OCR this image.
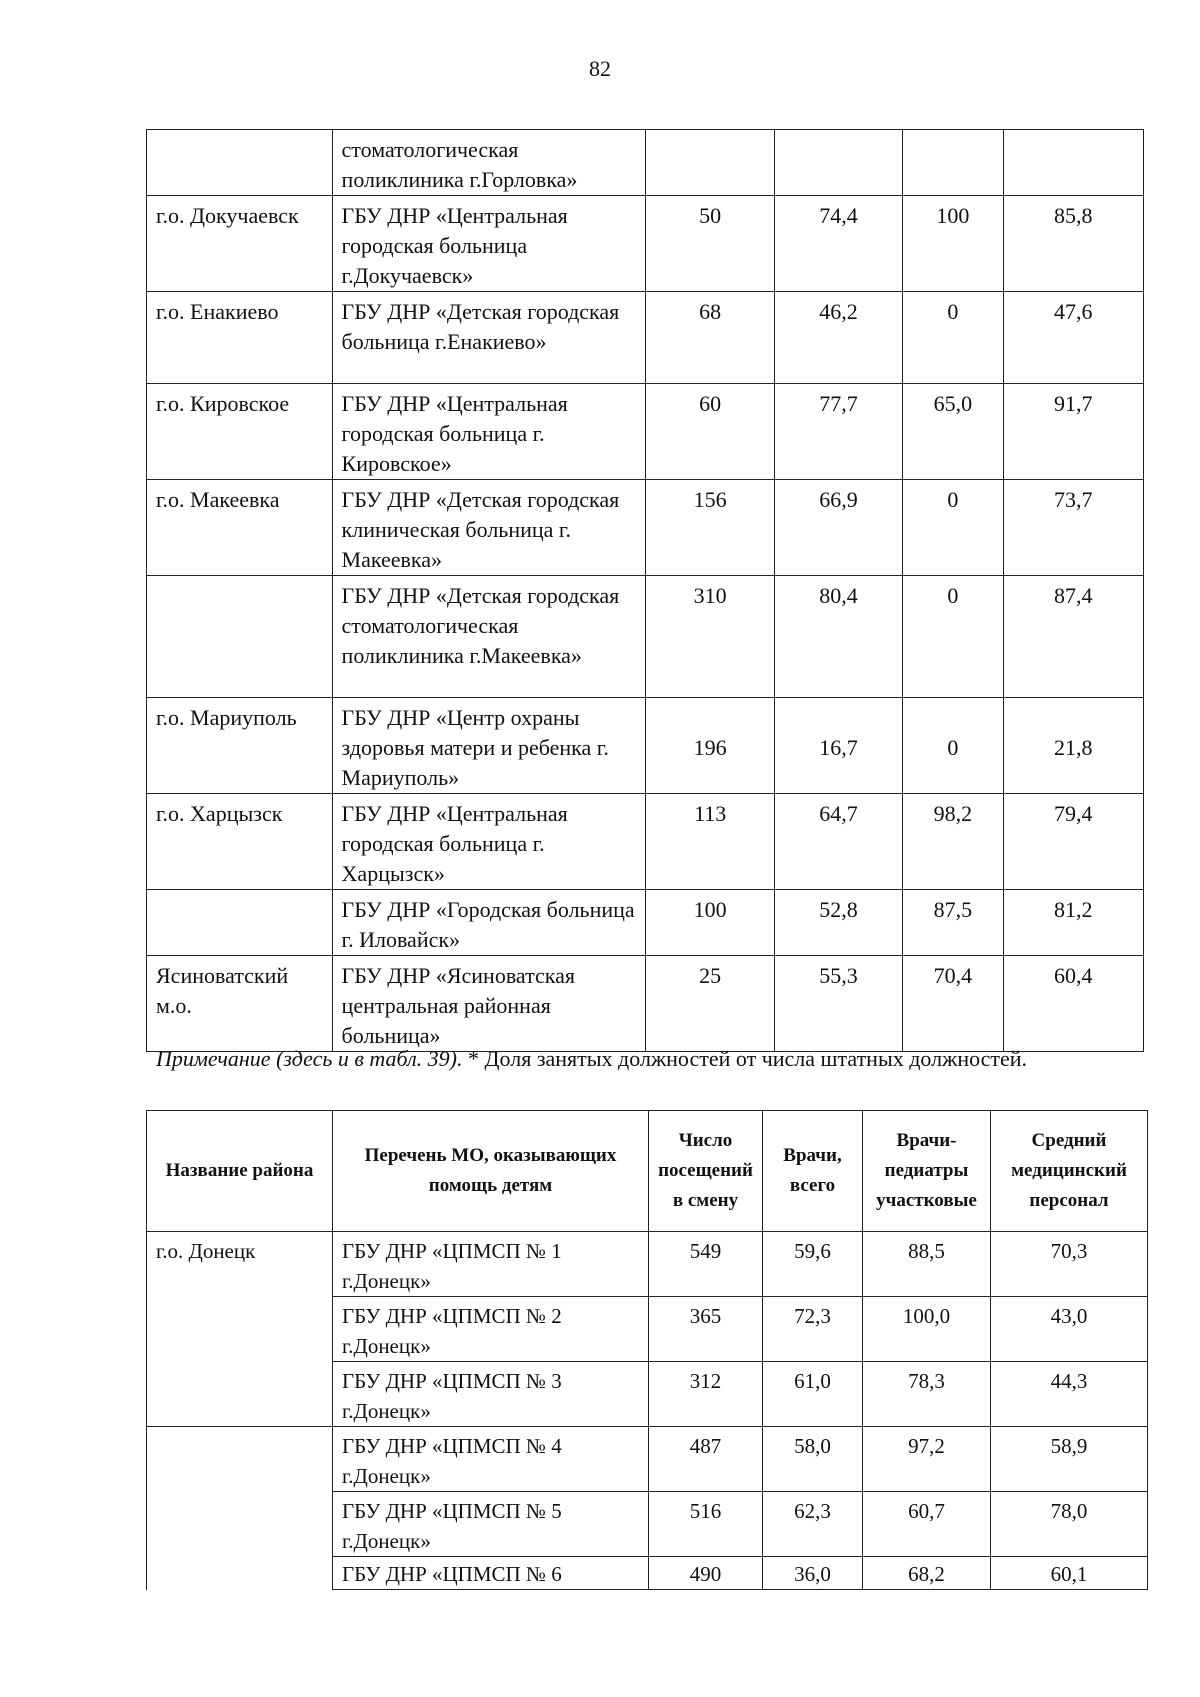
82
	стоматологическая поликлиника г.Горловка»				
г.о. Докучаевск	ГБУ ДНР «Центральная городская больница г.Докучаевск»	50	74,4	100	85,8
г.о. Енакиево	ГБУ ДНР «Детская городская больница г.Енакиево»	68	46,2	0	47,6
г.о. Кировское	ГБУ ДНР «Центральная городская больница г. Кировское»	60	77,7	65,0	91,7
г.о. Макеевка	ГБУ ДНР «Детская городская клиническая больница г. Макеевка»	156	66,9	0	73,7
	ГБУ ДНР «Детская городская стоматологическая поликлиника г.Макеевка»	310	80,4	0	87,4
г.о. Мариуполь	ГБУ ДНР «Центр охраны здоровья матери и ребенка г. Мариуполь»	196	16,7	0	21,8
г.о. Харцызск	ГБУ ДНР «Центральная городская больница г. Харцызск»	113	64,7	98,2	79,4
	ГБУ ДНР «Городская больница г. Иловайск»	100	52,8	87,5	81,2
Ясиноватский м.о.	ГБУ ДНР «Ясиноватская центральная районная больница»	25	55,3	70,4	60,4
Примечание (здесь и в табл. 39). * Доля занятых должностей от числа штатных должностей.
Название района	Перечень МО, оказывающих помощь детям	Число посещений в смену	Врачи, всего	Врачи-педиатры участковые	Средний медицинский персонал
г.о. Донецк	ГБУ ДНР «ЦПМСП № 1 г.Донецк»	549	59,6	88,5	70,3
	ГБУ ДНР «ЦПМСП № 2 г.Донецк»	365	72,3	100,0	43,0
	ГБУ ДНР «ЦПМСП № 3 г.Донецк»	312	61,0	78,3	44,3
	ГБУ ДНР «ЦПМСП № 4 г.Донецк»	487	58,0	97,2	58,9
	ГБУ ДНР «ЦПМСП № 5 г.Донецк»	516	62,3	60,7	78,0
	ГБУ ДНР «ЦПМСП № 6	490	36,0	68,2	60,1
